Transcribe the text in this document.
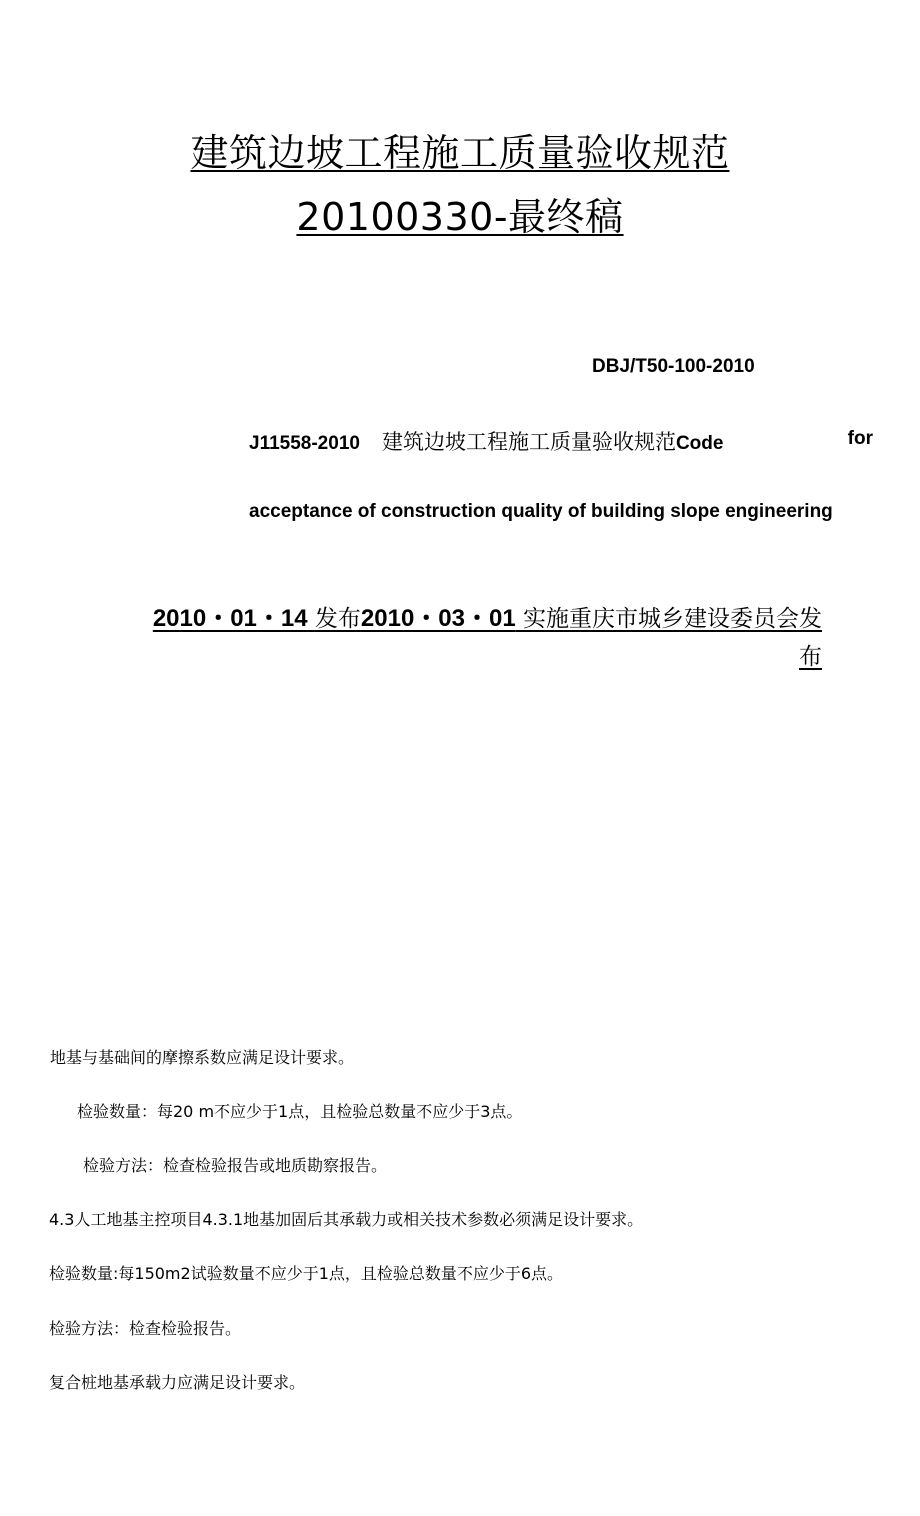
建筑边坡工程施工质量验收规范
20100330-最终稿
DBJ/T50-100-2010
J11558-2010 建筑边坡工程施工质量验收规范Code	for
acceptance of construction quality of building slope engineering
2010・01・14 发布2010・03・01 实施重庆市城乡建设委员会发
布
地基与基础间的摩擦系数应满足设计要求。
检验数量：每20 m不应少于1点，且检验总数量不应少于3点。
检验方法：检查检验报告或地质勘察报告。
4.3人工地基主控项目4.3.1地基加固后其承载力或相关技术参数必须满足设计要求。
检验数量:每150m2试验数量不应少于1点，且检验总数量不应少于6点。
检验方法：检查检验报告。
复合桩地基承载力应满足设计要求。
